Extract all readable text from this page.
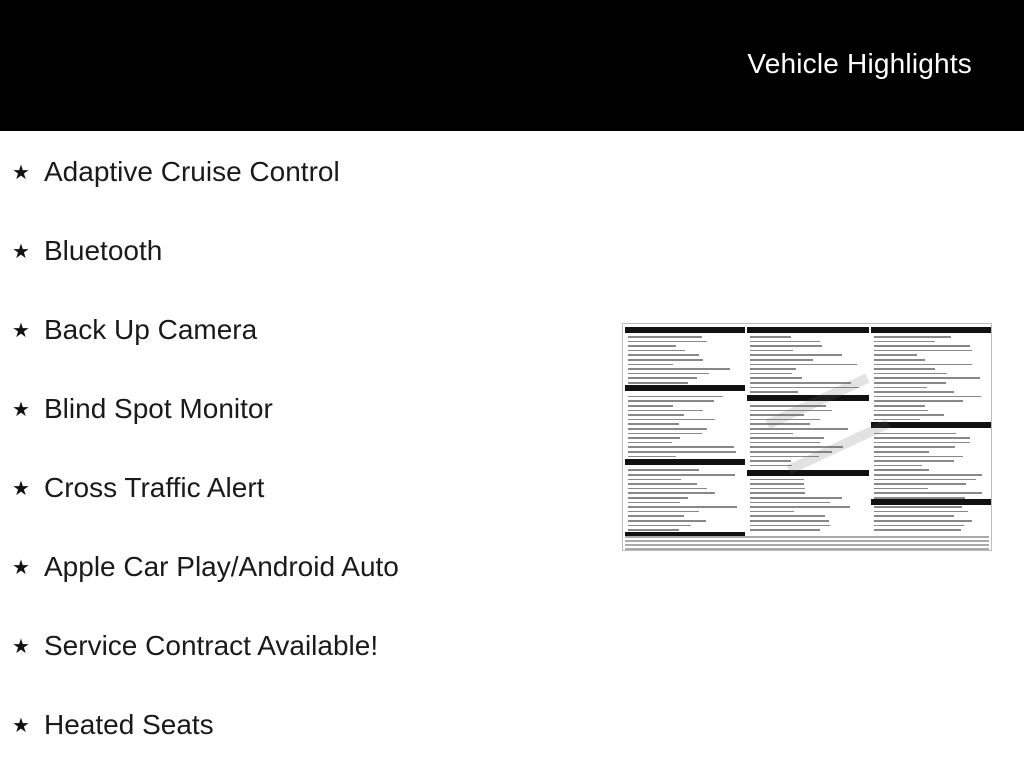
Vehicle Highlights
★ Adaptive Cruise Control
★ Bluetooth
★ Back Up Camera
★ Blind Spot Monitor
★ Cross Traffic Alert
★ Apple Car Play/Android Auto
★ Service Contract Available!
★ Heated Seats
